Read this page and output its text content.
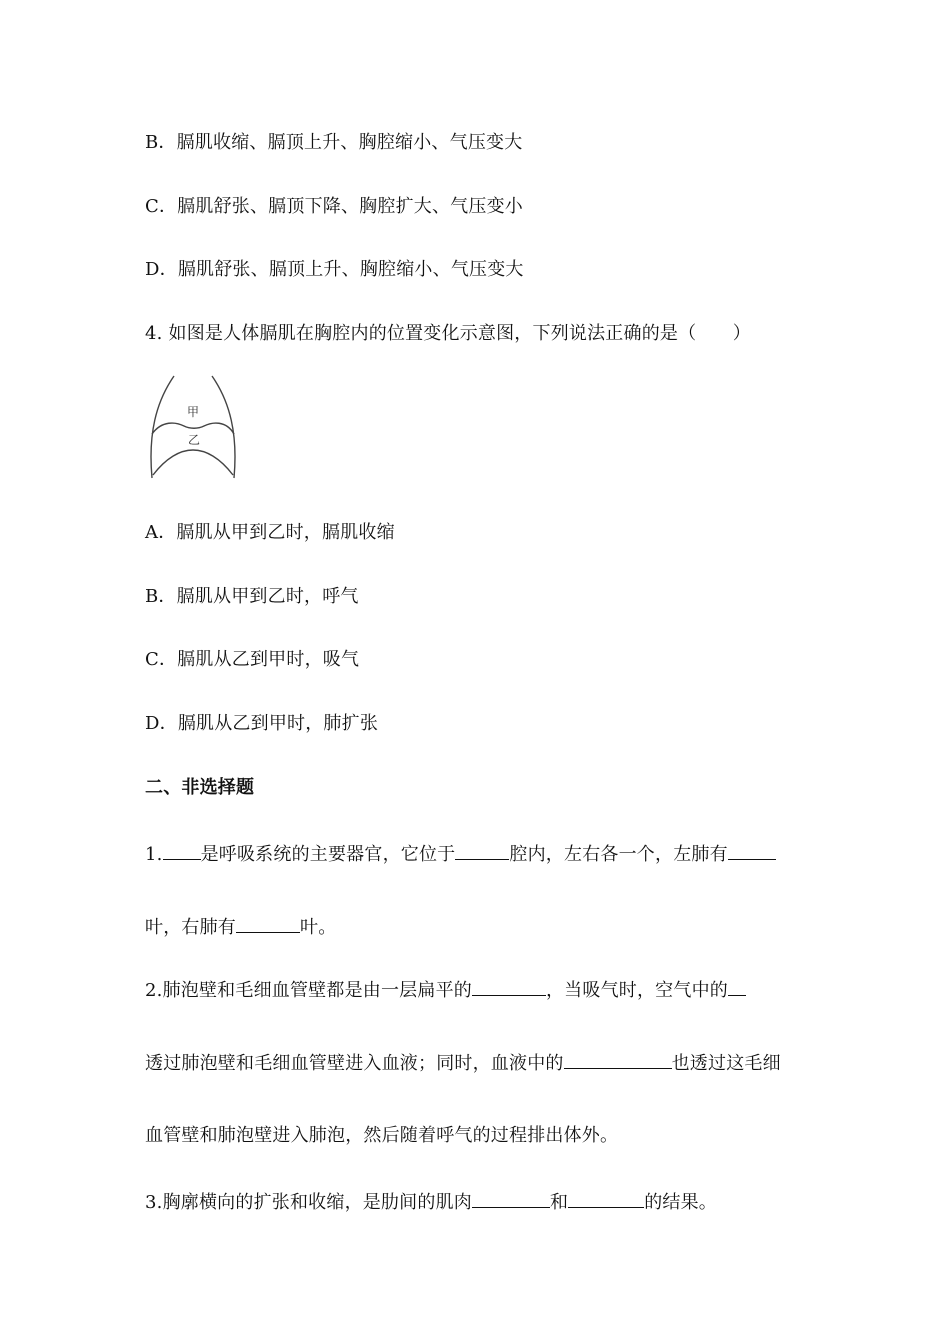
B．膈肌收缩、膈顶上升、胸腔缩小、气压变大
C．膈肌舒张、膈顶下降、胸腔扩大、气压变小
D．膈肌舒张、膈顶上升、胸腔缩小、气压变大
4. 如图是人体膈肌在胸腔内的位置变化示意图，下列说法正确的是（　　）
甲
乙
A．膈肌从甲到乙时，膈肌收缩
B．膈肌从甲到乙时，呼气
C．膈肌从乙到甲时，吸气
D．膈肌从乙到甲时，肺扩张
二、非选择题
1. 是呼吸系统的主要器官，它位于	腔内，左右各一个，左肺有
叶，右肺有	叶。
2.肺泡壁和毛细血管壁都是由一层扁平的	，当吸气时，空气中的
透过肺泡壁和毛细血管壁进入血液；同时，血液中的	也透过这毛细
血管壁和肺泡壁进入肺泡，然后随着呼气的过程排出体外。
3.胸廓横向的扩张和收缩，是肋间的肌肉	和	的结果。
